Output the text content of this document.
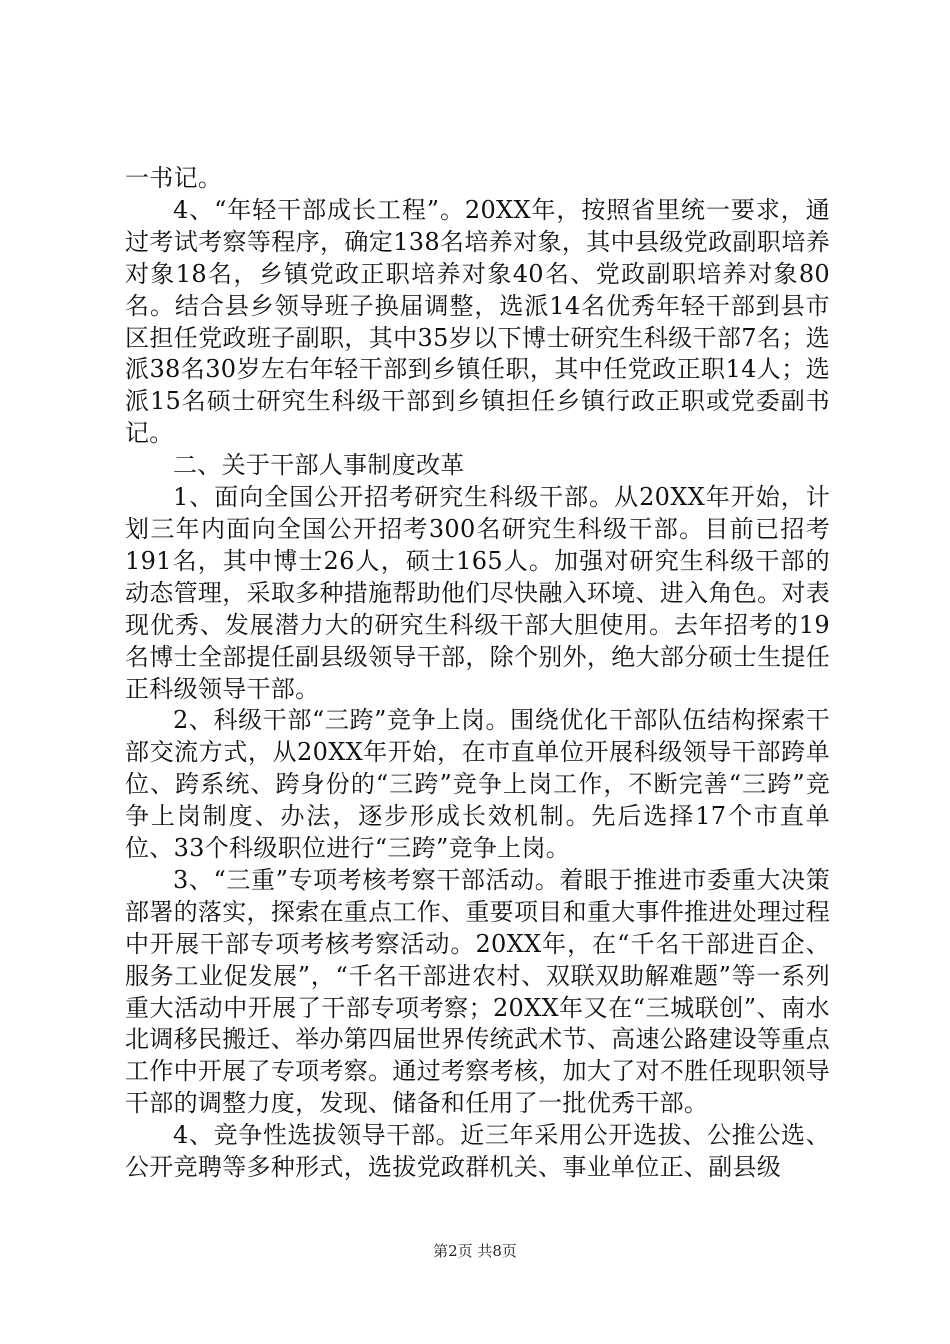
一书记。

4、“年轻干部成长工程”。20XX年，按照省里统一要求，通过考试考察等程序，确定138名培养对象，其中县级党政副职培养对象18名，乡镇党政正职培养对象40名、党政副职培养对象80名。结合县乡领导班子换届调整，选派14名优秀年轻干部到县市区担任党政班子副职，其中35岁以下博士研究生科级干部7名；选派38名30岁左右年轻干部到乡镇任职，其中任党政正职14人；选派15名硕士研究生科级干部到乡镇担任乡镇行政正职或党委副书记。

二、关于干部人事制度改革

1、面向全国公开招考研究生科级干部。从20XX年开始，计划三年内面向全国公开招考300名研究生科级干部。目前已招考191名，其中博士26人，硕士165人。加强对研究生科级干部的动态管理，采取多种措施帮助他们尽快融入环境、进入角色。对表现优秀、发展潜力大的研究生科级干部大胆使用。去年招考的19名博士全部提任副县级领导干部，除个别外，绝大部分硕士生提任正科级领导干部。

2、科级干部“三跨”竞争上岗。围绕优化干部队伍结构探索干部交流方式，从20XX年开始，在市直单位开展科级领导干部跨单位、跨系统、跨身份的“三跨”竞争上岗工作，不断完善“三跨”竞争上岗制度、办法，逐步形成长效机制。先后选择17个市直单位、33个科级职位进行“三跨”竞争上岗。

3、“三重”专项考核考察干部活动。着眼于推进市委重大决策部署的落实，探索在重点工作、重要项目和重大事件推进处理过程中开展干部专项考核考察活动。20XX年，在“千名干部进百企、服务工业促发展”，“千名干部进农村、双联双助解难题”等一系列重大活动中开展了干部专项考察；20XX年又在“三城联创”、南水北调移民搬迁、举办第四届世界传统武术节、高速公路建设等重点工作中开展了专项考察。通过考察考核，加大了对不胜任现职领导干部的调整力度，发现、储备和任用了一批优秀干部。

4、竞争性选拔领导干部。近三年采用公开选拔、公推公选、公开竞聘等多种形式，选拔党政群机关、事业单位正、副县级

第2页 共8页
